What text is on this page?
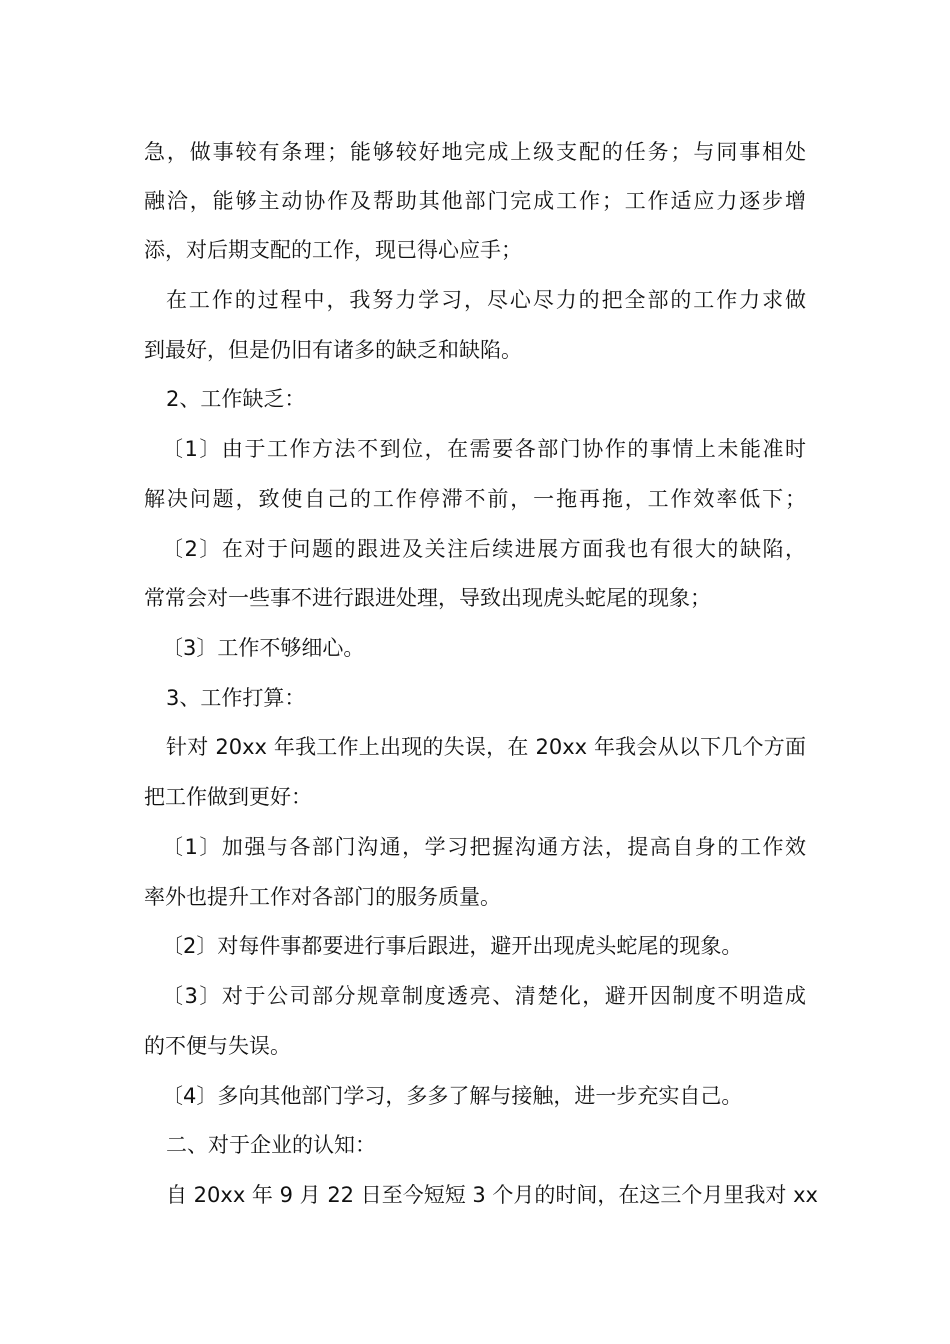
急，做事较有条理；能够较好地完成上级支配的任务；与同事相处
融洽，能够主动协作及帮助其他部门完成工作；工作适应力逐步增
添，对后期支配的工作，现已得心应手；
在工作的过程中，我努力学习，尽心尽力的把全部的工作力求做
到最好，但是仍旧有诸多的缺乏和缺陷。
2、工作缺乏：
〔1〕由于工作方法不到位，在需要各部门协作的事情上未能准时
解决问题，致使自己的工作停滞不前，一拖再拖，工作效率低下；
〔2〕在对于问题的跟进及关注后续进展方面我也有很大的缺陷，
常常会对一些事不进行跟进处理，导致出现虎头蛇尾的现象；
〔3〕工作不够细心。
3、工作打算：
针对 20xx 年我工作上出现的失误，在 20xx 年我会从以下几个方面
把工作做到更好：
〔1〕加强与各部门沟通，学习把握沟通方法，提高自身的工作效
率外也提升工作对各部门的服务质量。
〔2〕对每件事都要进行事后跟进，避开出现虎头蛇尾的现象。
〔3〕对于公司部分规章制度透亮、清楚化，避开因制度不明造成
的不便与失误。
〔4〕多向其他部门学习，多多了解与接触，进一步充实自己。
二、对于企业的认知：
自 20xx 年 9 月 22 日至今短短 3 个月的时间，在这三个月里我对 xx
